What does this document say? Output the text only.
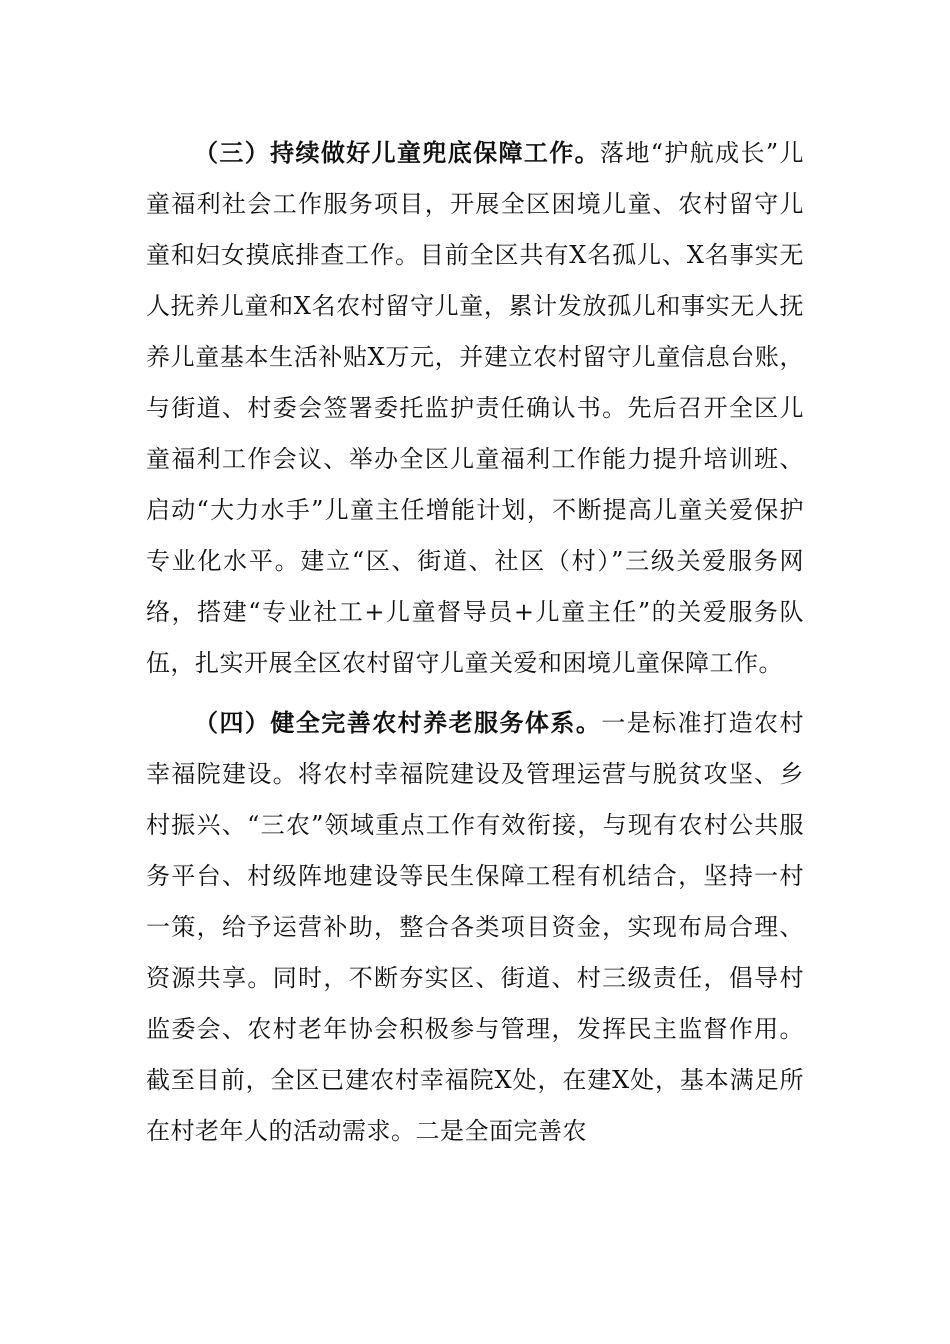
（三）持续做好儿童兜底保障工作。落地“护航成长”儿童福利社会工作服务项目，开展全区困境儿童、农村留守儿童和妇女摸底排查工作。目前全区共有X名孤儿、X名事实无人抚养儿童和X名农村留守儿童，累计发放孤儿和事实无人抚养儿童基本生活补贴X万元，并建立农村留守儿童信息台账，与街道、村委会签署委托监护责任确认书。先后召开全区儿童福利工作会议、举办全区儿童福利工作能力提升培训班、启动“大力水手”儿童主任增能计划，不断提高儿童关爱保护专业化水平。建立“区、街道、社区（村）”三级关爱服务网络，搭建“专业社工+儿童督导员+儿童主任”的关爱服务队伍，扎实开展全区农村留守儿童关爱和困境儿童保障工作。

（四）健全完善农村养老服务体系。一是标准打造农村幸福院建设。将农村幸福院建设及管理运营与脱贫攻坚、乡村振兴、“三农”领域重点工作有效衔接，与现有农村公共服务平台、村级阵地建设等民生保障工程有机结合，坚持一村一策，给予运营补助，整合各类项目资金，实现布局合理、资源共享。同时，不断夯实区、街道、村三级责任，倡导村监委会、农村老年协会积极参与管理，发挥民主监督作用。截至目前，全区已建农村幸福院X处，在建X处，基本满足所在村老年人的活动需求。二是全面完善农
